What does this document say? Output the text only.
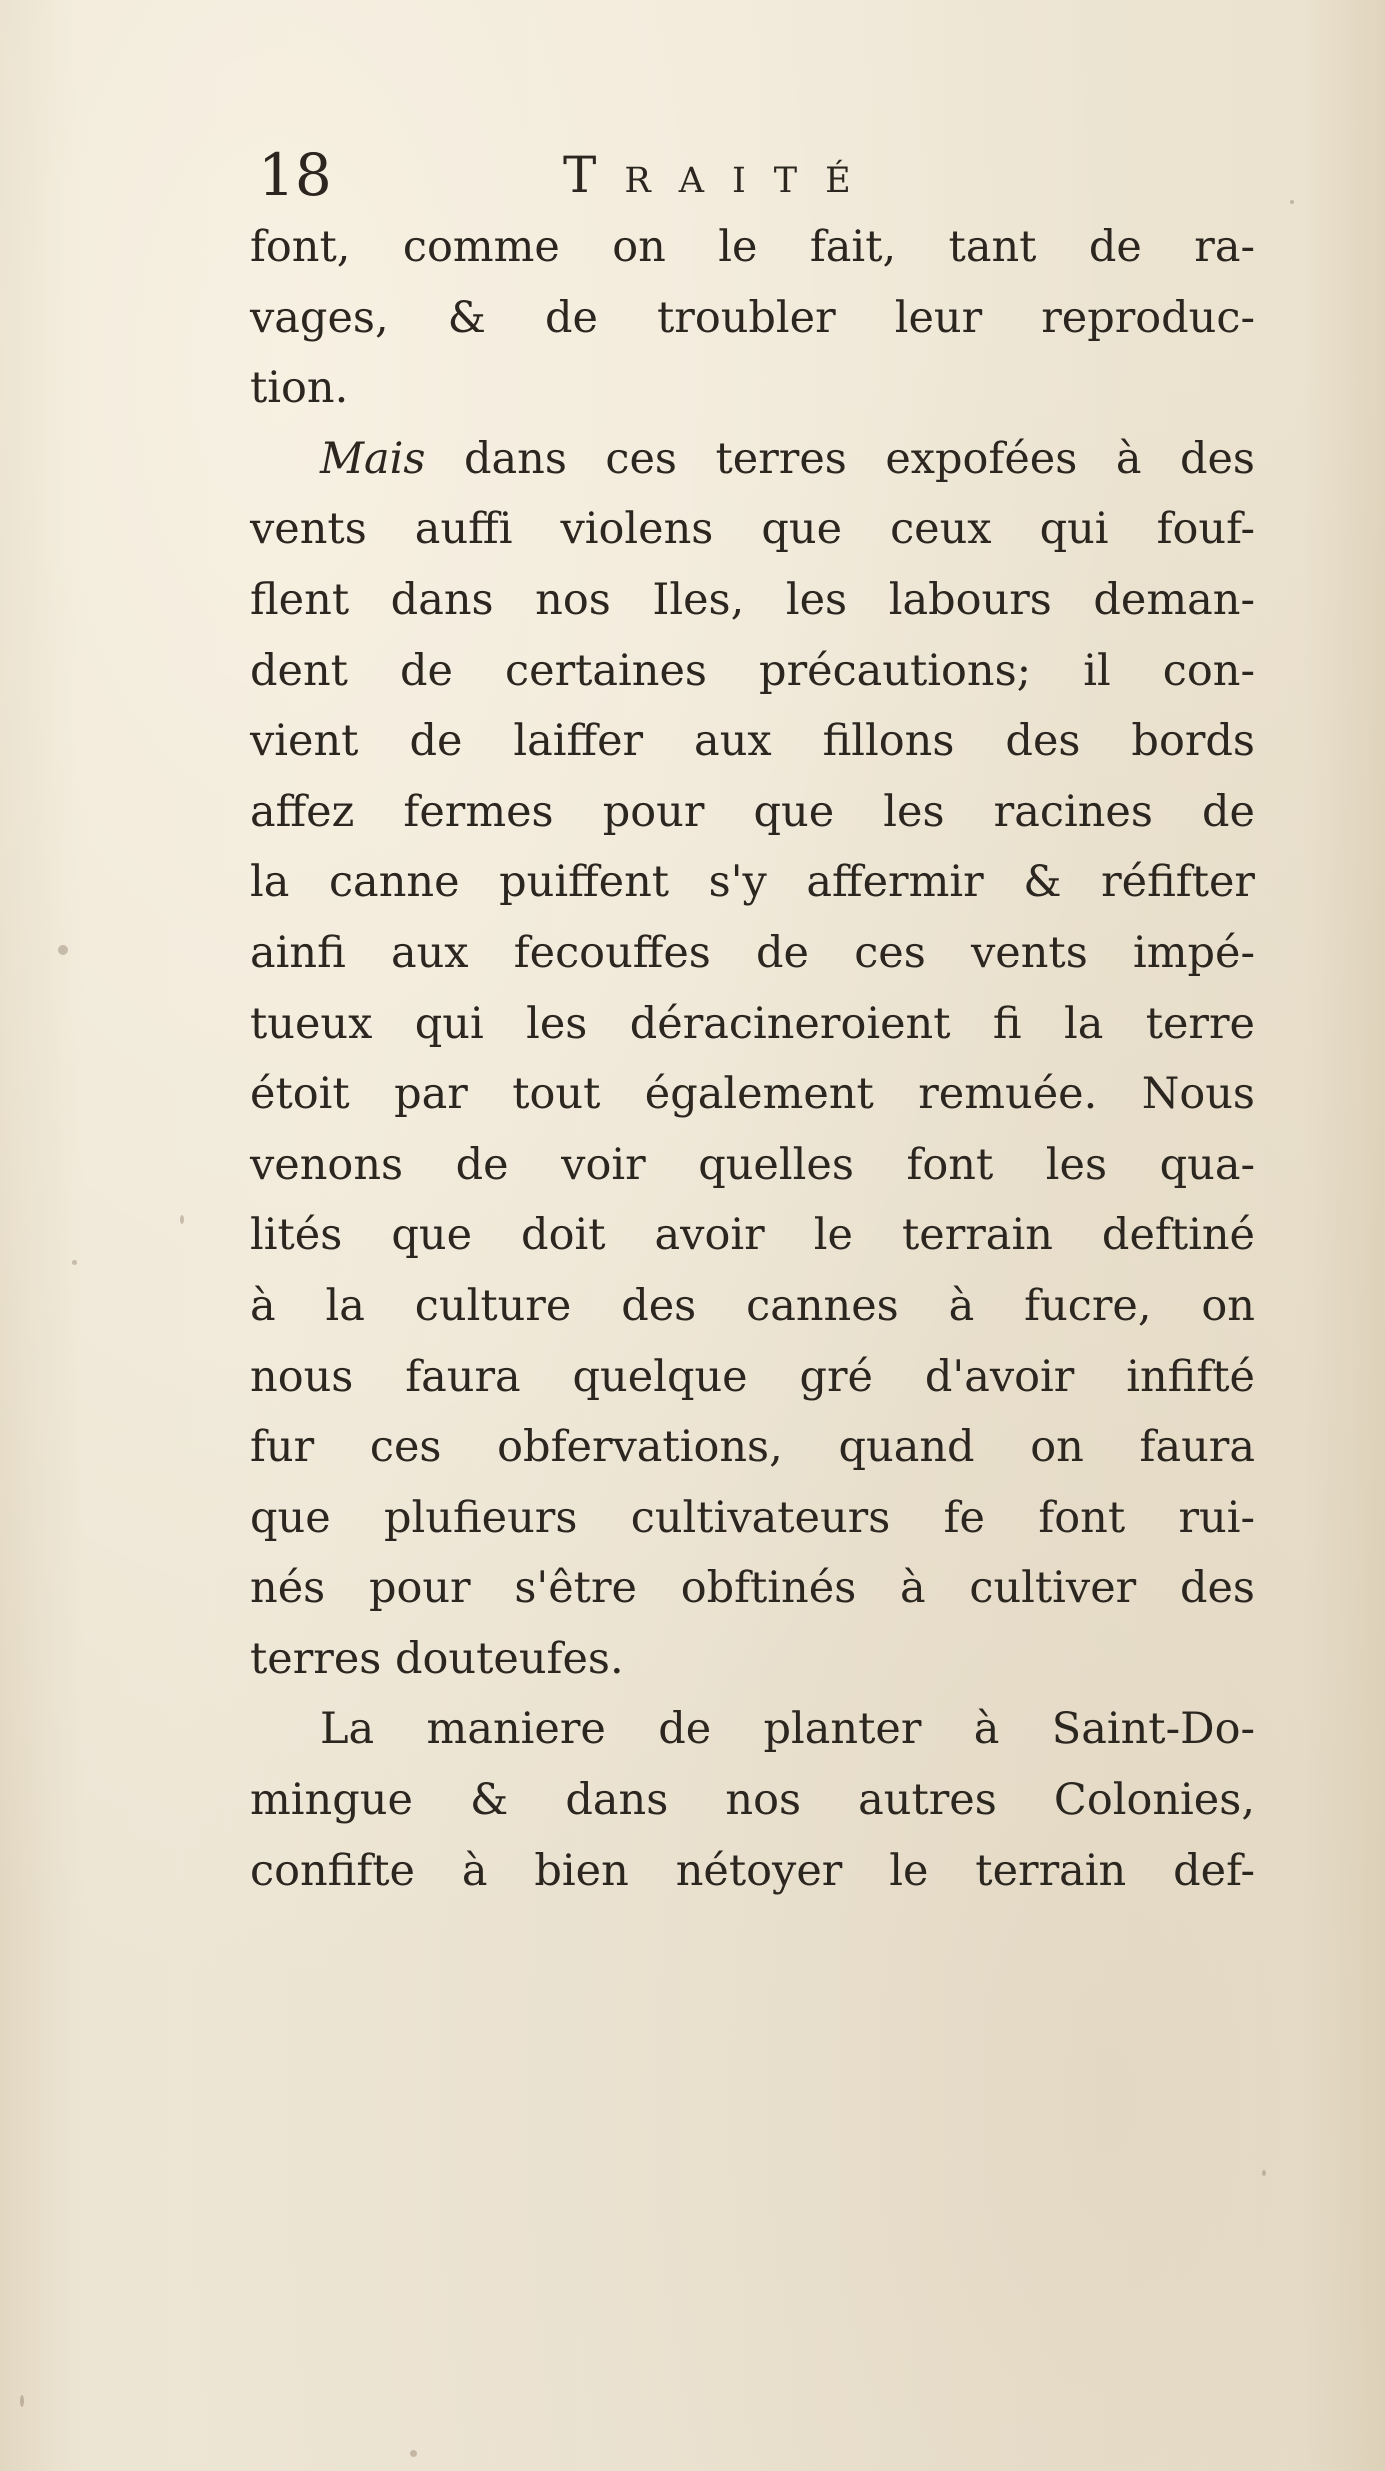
18	Traité
font, comme on le fait, tant de ra-
vages, & de troubler leur reproduc-
tion.
Mais dans ces terres expofées à des
vents auffi violens que ceux qui fouf-
flent dans nos Iles, les labours deman-
dent de certaines précautions; il con-
vient de laiffer aux fillons des bords
affez fermes pour que les racines de
la canne puiffent s'y affermir & réfifter
ainfi aux fecouffes de ces vents impé-
tueux qui les déracineroient fi la terre
étoit par tout également remuée. Nous
venons de voir quelles font les qua-
lités que doit avoir le terrain deftiné
à la culture des cannes à fucre, on
nous faura quelque gré d'avoir infifté
fur ces obfervations, quand on faura
que plufieurs cultivateurs fe font rui-
nés pour s'être obftinés à cultiver des
terres douteufes.
La maniere de planter à Saint-Do-
mingue & dans nos autres Colonies,
confifte à bien nétoyer le terrain def-
